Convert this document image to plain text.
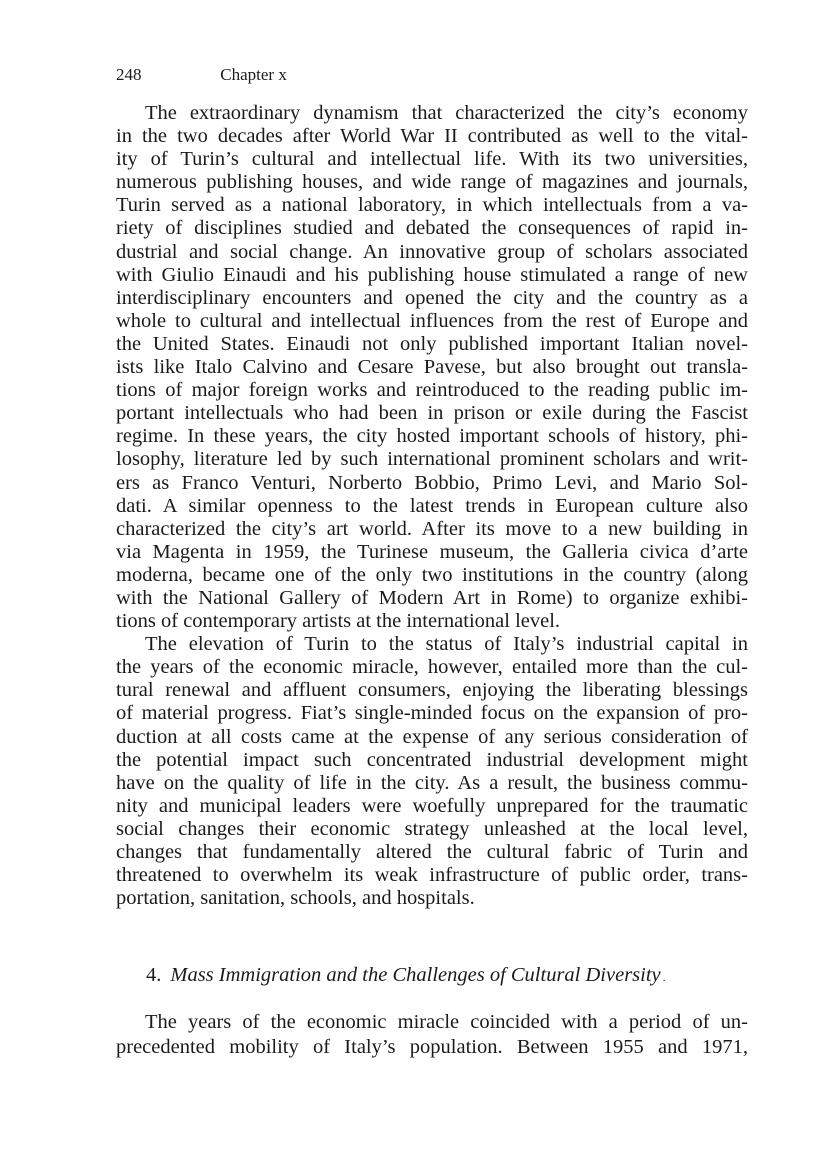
248	Chapter x
The extraordinary dynamism that characterized the city’s economy
in the two decades after World War II contributed as well to the vital-
ity of Turin’s cultural and intellectual life. With its two universities,
numerous publishing houses, and wide range of magazines and journals,
Turin served as a national laboratory, in which intellectuals from a va-
riety of disciplines studied and debated the consequences of rapid in-
dustrial and social change. An innovative group of scholars associated
with Giulio Einaudi and his publishing house stimulated a range of new
interdisciplinary encounters and opened the city and the country as a
whole to cultural and intellectual influences from the rest of Europe and
the United States. Einaudi not only published important Italian novel-
ists like Italo Calvino and Cesare Pavese, but also brought out transla-
tions of major foreign works and reintroduced to the reading public im-
portant intellectuals who had been in prison or exile during the Fascist
regime. In these years, the city hosted important schools of history, phi-
losophy, literature led by such international prominent scholars and writ-
ers as Franco Venturi, Norberto Bobbio, Primo Levi, and Mario Sol-
dati. A similar openness to the latest trends in European culture also
characterized the city’s art world. After its move to a new building in
via Magenta in 1959, the Turinese museum, the Galleria civica d’arte
moderna, became one of the only two institutions in the country (along
with the National Gallery of Modern Art in Rome) to organize exhibi-
tions of contemporary artists at the international level.
The elevation of Turin to the status of Italy’s industrial capital in
the years of the economic miracle, however, entailed more than the cul-
tural renewal and affluent consumers, enjoying the liberating blessings
of material progress. Fiat’s single-minded focus on the expansion of pro-
duction at all costs came at the expense of any serious consideration of
the potential impact such concentrated industrial development might
have on the quality of life in the city. As a result, the business commu-
nity and municipal leaders were woefully unprepared for the traumatic
social changes their economic strategy unleashed at the local level,
changes that fundamentally altered the cultural fabric of Turin and
threatened to overwhelm its weak infrastructure of public order, trans-
portation, sanitation, schools, and hospitals.
4. Mass Immigration and the Challenges of Cultural Diversity .
The years of the economic miracle coincided with a period of un-
precedented mobility of Italy’s population. Between 1955 and 1971,
